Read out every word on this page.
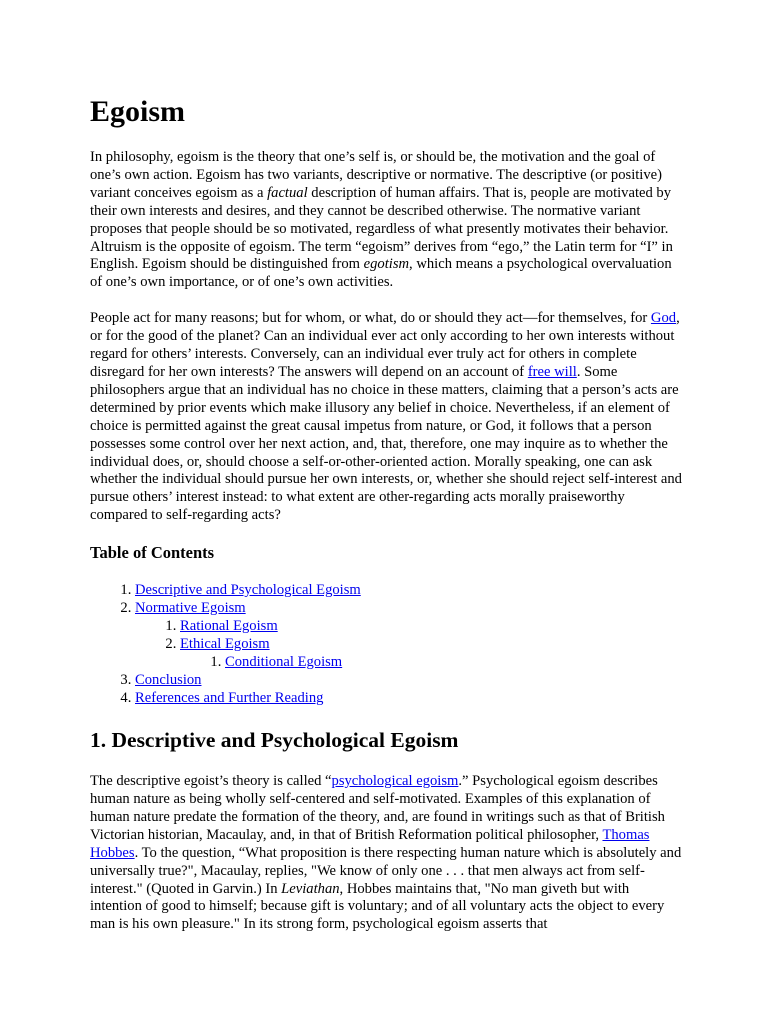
Egoism

In philosophy, egoism is the theory that one’s self is, or should be, the motivation and the goal of one’s own action. Egoism has two variants, descriptive or normative. The descriptive (or positive) variant conceives egoism as a factual description of human affairs. That is, people are motivated by their own interests and desires, and they cannot be described otherwise. The normative variant proposes that people should be so motivated, regardless of what presently motivates their behavior. Altruism is the opposite of egoism. The term “egoism” derives from “ego,” the Latin term for “I” in English. Egoism should be distinguished from egotism, which means a psychological overvaluation of one’s own importance, or of one’s own activities.

People act for many reasons; but for whom, or what, do or should they act—for themselves, for God, or for the good of the planet? Can an individual ever act only according to her own interests without regard for others’ interests. Conversely, can an individual ever truly act for others in complete disregard for her own interests? The answers will depend on an account of free will. Some philosophers argue that an individual has no choice in these matters, claiming that a person’s acts are determined by prior events which make illusory any belief in choice. Nevertheless, if an element of choice is permitted against the great causal impetus from nature, or God, it follows that a person possesses some control over her next action, and, that, therefore, one may inquire as to whether the individual does, or, should choose a self-or-other-oriented action. Morally speaking, one can ask whether the individual should pursue her own interests, or, whether she should reject self-interest and pursue others’ interest instead: to what extent are other-regarding acts morally praiseworthy compared to self-regarding acts?

Table of Contents
1. Descriptive and Psychological Egoism
2. Normative Egoism
1. Rational Egoism
2. Ethical Egoism
1. Conditional Egoism
3. Conclusion
4. References and Further Reading
1. Descriptive and Psychological Egoism

The descriptive egoist’s theory is called “psychological egoism.” Psychological egoism describes human nature as being wholly self-centered and self-motivated. Examples of this explanation of human nature predate the formation of the theory, and, are found in writings such as that of British Victorian historian, Macaulay, and, in that of British Reformation political philosopher, Thomas Hobbes. To the question, “What proposition is there respecting human nature which is absolutely and universally true?", Macaulay, replies, "We know of only one . . . that men always act from self-interest." (Quoted in Garvin.) In Leviathan, Hobbes maintains that, "No man giveth but with intention of good to himself; because gift is voluntary; and of all voluntary acts the object to every man is his own pleasure." In its strong form, psychological egoism asserts that
